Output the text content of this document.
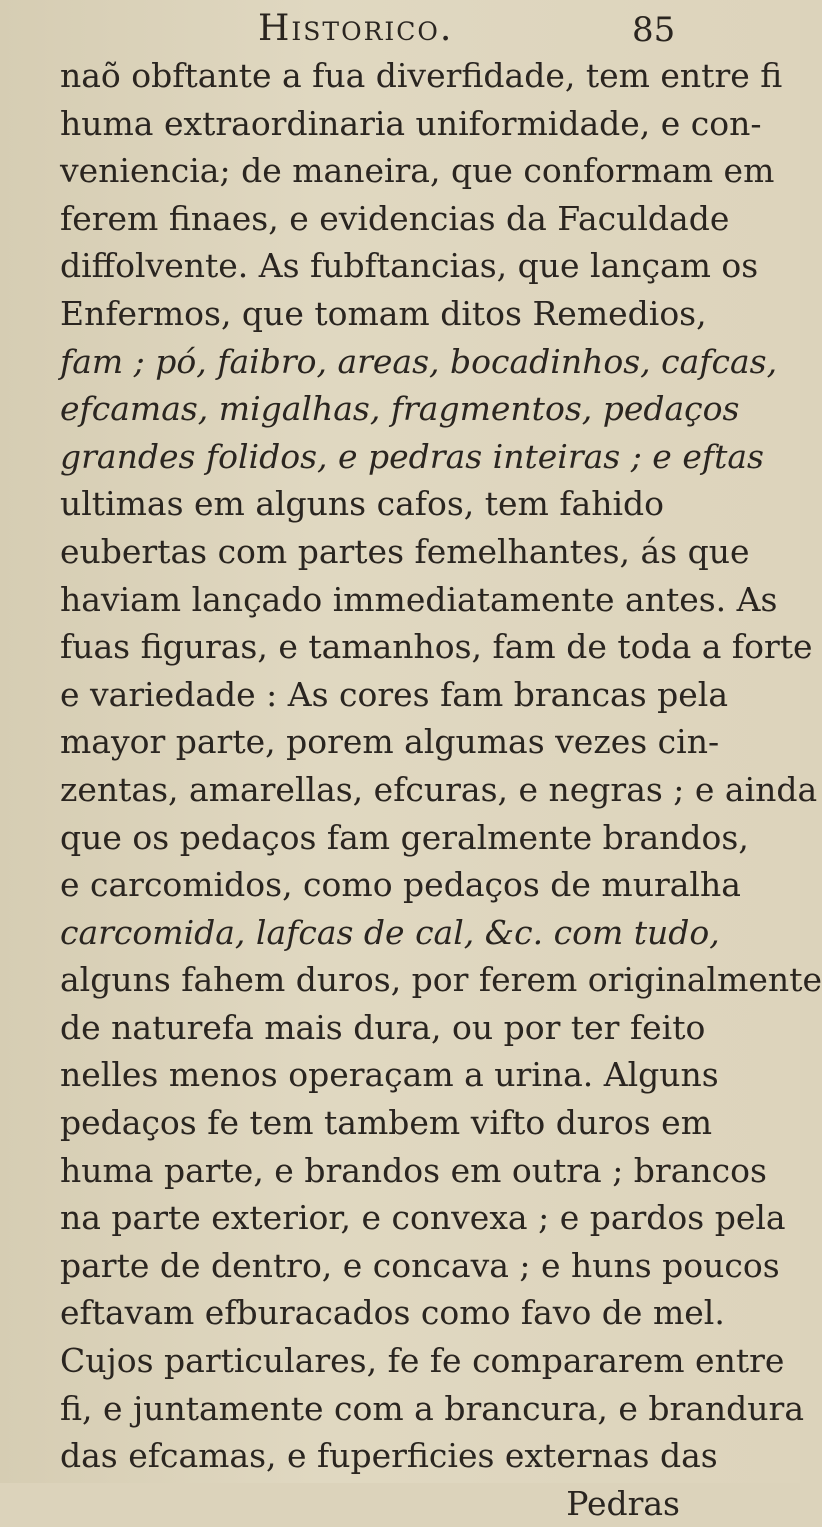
Historico.	85
naõ obftante a fua diverfidade, tem entre fi
huma extraordinaria uniformidade, e con-
veniencia; de maneira, que conformam em
ferem finaes, e evidencias da Faculdade
diffolvente. As fubftancias, que lançam os
Enfermos, que tomam ditos Remedios,
fam ; pó, faibro, areas, bocadinhos, cafcas,
efcamas, migalhas, fragmentos, pedaços
grandes folidos, e pedras inteiras ; e eftas
ultimas em alguns cafos, tem fahido
eubertas com partes femelhantes, ás que
haviam lançado immediatamente antes. As
fuas figuras, e tamanhos, fam de toda a forte
e variedade : As cores fam brancas pela
mayor parte, porem algumas vezes cin-
zentas, amarellas, efcuras, e negras ; e ainda
que os pedaços fam geralmente brandos,
e carcomidos, como pedaços de muralha
carcomida, lafcas de cal, &c. com tudo,
alguns fahem duros, por ferem originalmente
de naturefa mais dura, ou por ter feito
nelles menos operaçam a urina. Alguns
pedaços fe tem tambem vifto duros em
huma parte, e brandos em outra ; brancos
na parte exterior, e convexa ; e pardos pela
parte de dentro, e concava ; e huns poucos
eftavam efburacados como favo de mel.
Cujos particulares, fe fe compararem entre
fi, e juntamente com a brancura, e brandura
das efcamas, e fuperficies externas das
Pedras
